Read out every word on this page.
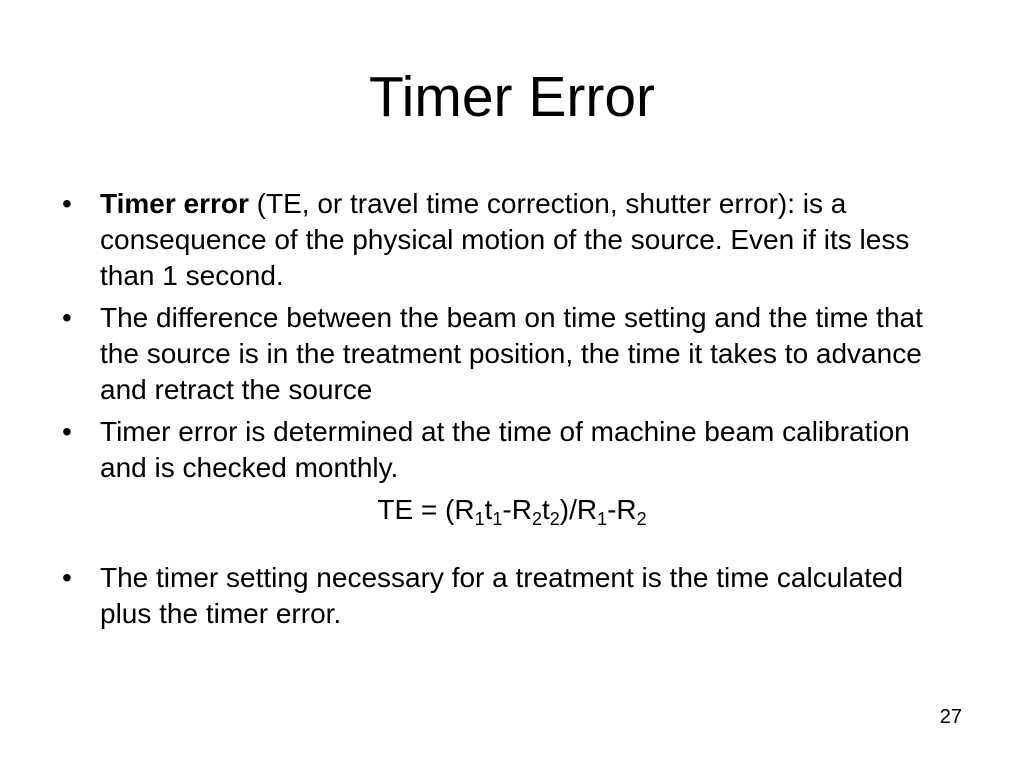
Timer Error
• Timer error (TE, or travel time correction, shutter error): is a consequence of the physical motion of the source. Even if its less than 1 second.
• The difference between the beam on time setting and the time that the source is in the treatment position, the time it takes to advance and retract the source
• Timer error is determined at the time of machine beam calibration and is checked monthly.
TE = $(R_1t_1-R_2t_2)/R_1-R_2$
• The timer setting necessary for a treatment is the time calculated plus the timer error.
27
